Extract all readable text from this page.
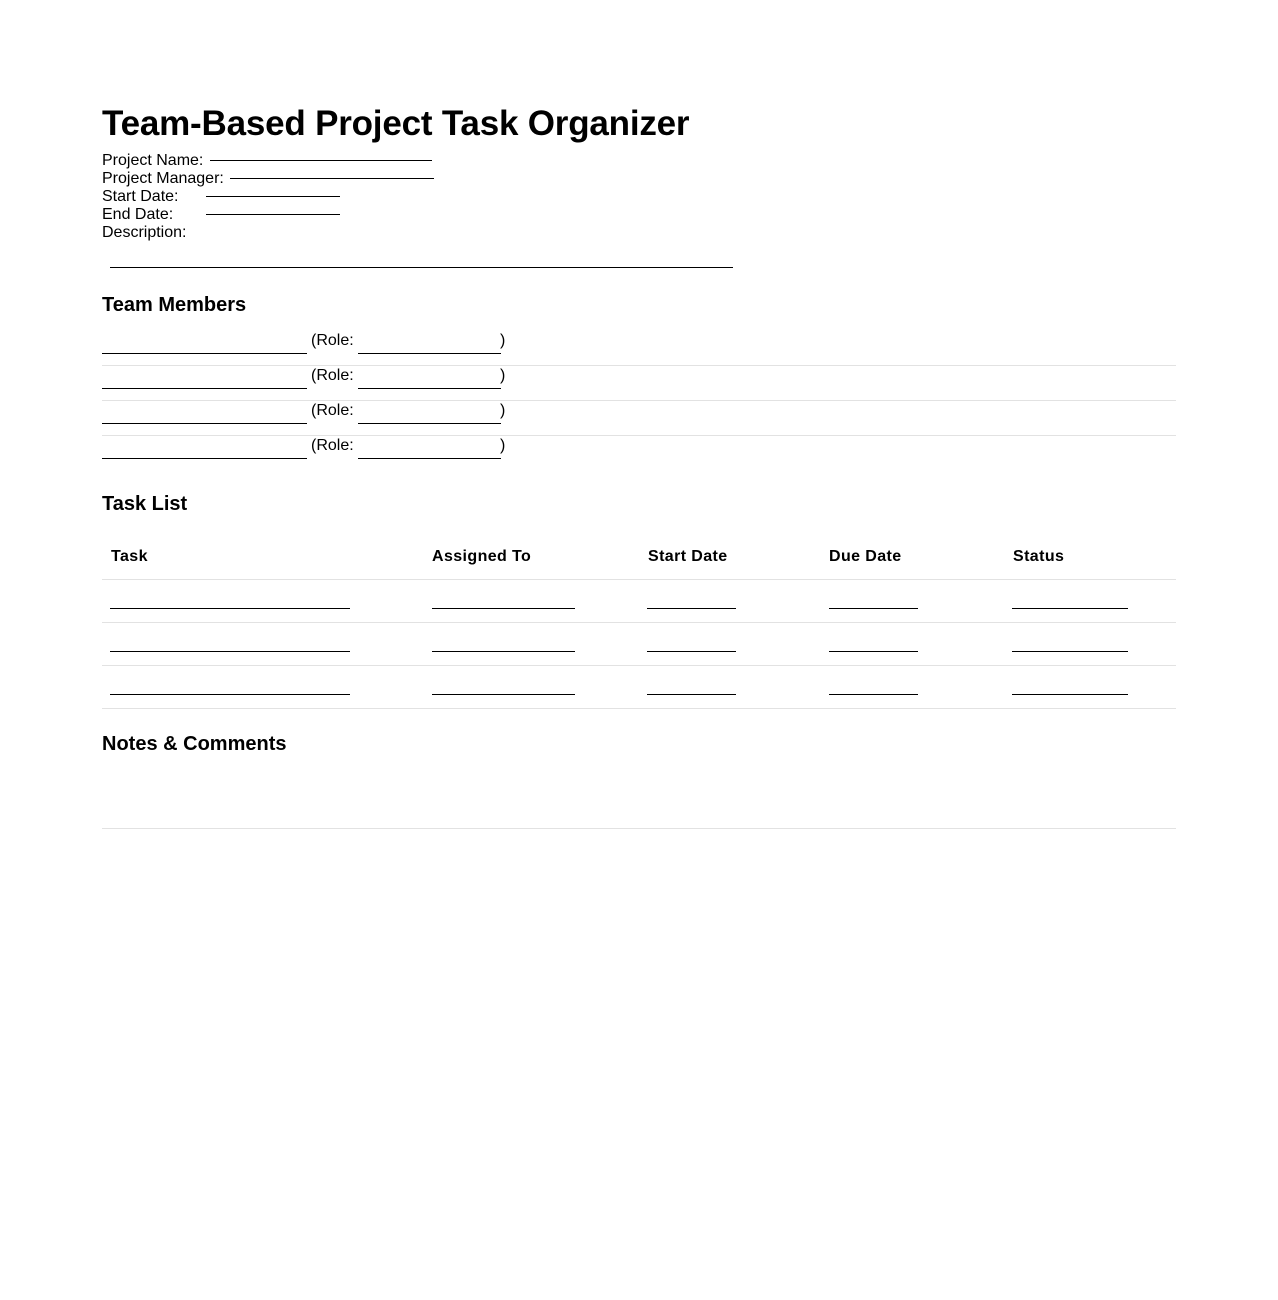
Team-Based Project Task Organizer
Project Name:
Project Manager:
Start Date:
End Date:
Description:
Team Members
(Role:	)
(Role:	)
(Role:	)
(Role:	)
Task List
Task	Assigned To	Start Date	Due Date	Status
Notes & Comments
